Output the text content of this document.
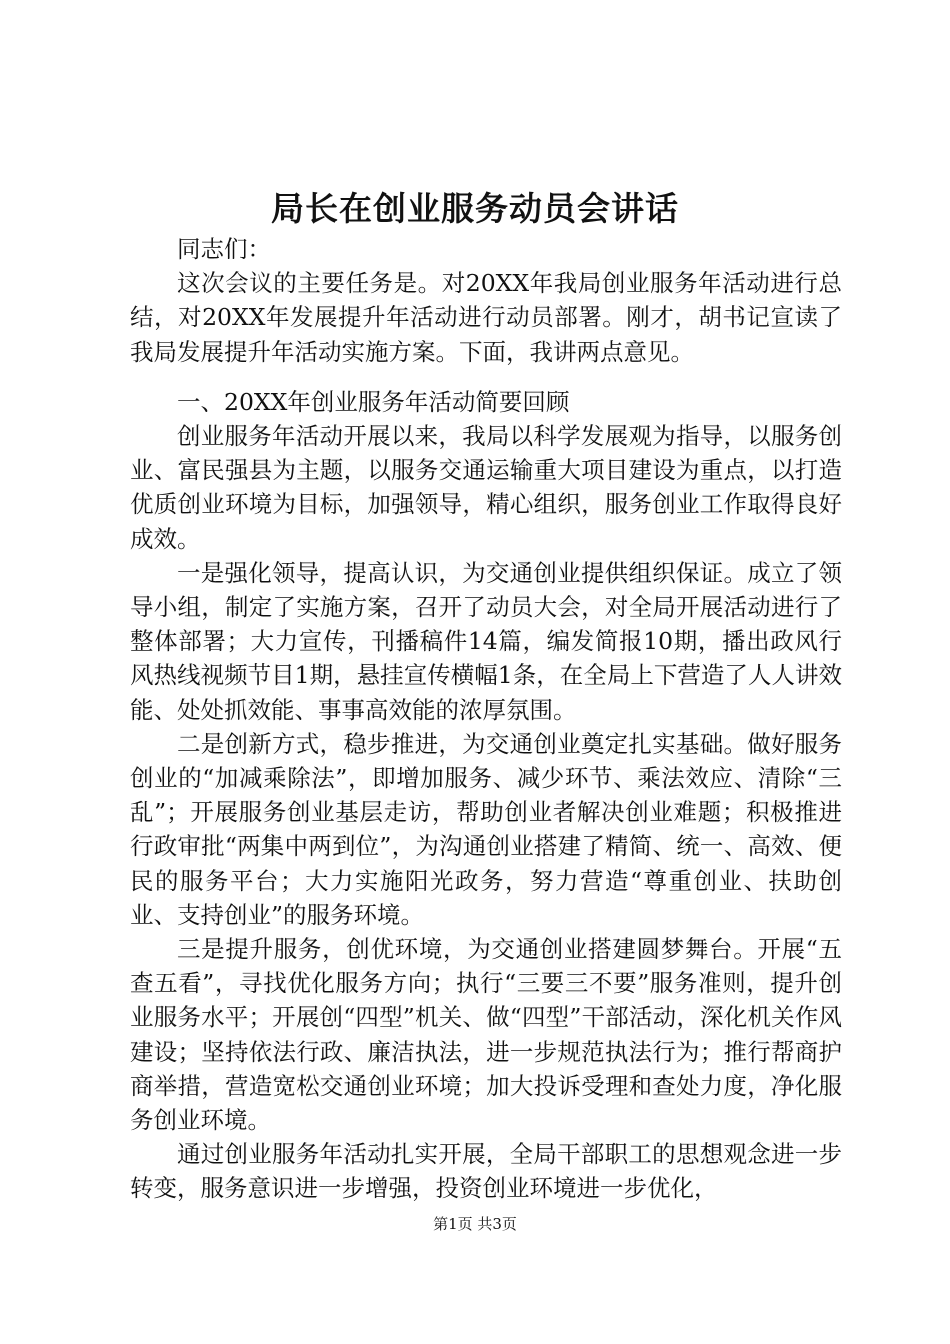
局长在创业服务动员会讲话

同志们：

这次会议的主要任务是。对20XX年我局创业服务年活动进行总结，对20XX年发展提升年活动进行动员部署。刚才，胡书记宣读了我局发展提升年活动实施方案。下面，我讲两点意见。

一、20XX年创业服务年活动简要回顾

创业服务年活动开展以来，我局以科学发展观为指导，以服务创业、富民强县为主题，以服务交通运输重大项目建设为重点，以打造优质创业环境为目标，加强领导，精心组织，服务创业工作取得良好成效。

一是强化领导，提高认识，为交通创业提供组织保证。成立了领导小组，制定了实施方案，召开了动员大会，对全局开展活动进行了整体部署；大力宣传，刊播稿件14篇，编发简报10期，播出政风行风热线视频节目1期，悬挂宣传横幅1条，在全局上下营造了人人讲效能、处处抓效能、事事高效能的浓厚氛围。

二是创新方式，稳步推进，为交通创业奠定扎实基础。做好服务创业的“加减乘除法”，即增加服务、减少环节、乘法效应、清除“三乱”；开展服务创业基层走访，帮助创业者解决创业难题；积极推进行政审批“两集中两到位”，为沟通创业搭建了精简、统一、高效、便民的服务平台；大力实施阳光政务，努力营造“尊重创业、扶助创业、支持创业”的服务环境。

三是提升服务，创优环境，为交通创业搭建圆梦舞台。开展“五查五看”，寻找优化服务方向；执行“三要三不要”服务准则，提升创业服务水平；开展创“四型”机关、做“四型”干部活动，深化机关作风建设；坚持依法行政、廉洁执法，进一步规范执法行为；推行帮商护商举措，营造宽松交通创业环境；加大投诉受理和查处力度，净化服务创业环境。

通过创业服务年活动扎实开展，全局干部职工的思想观念进一步转变，服务意识进一步增强，投资创业环境进一步优化，

第1页 共3页
